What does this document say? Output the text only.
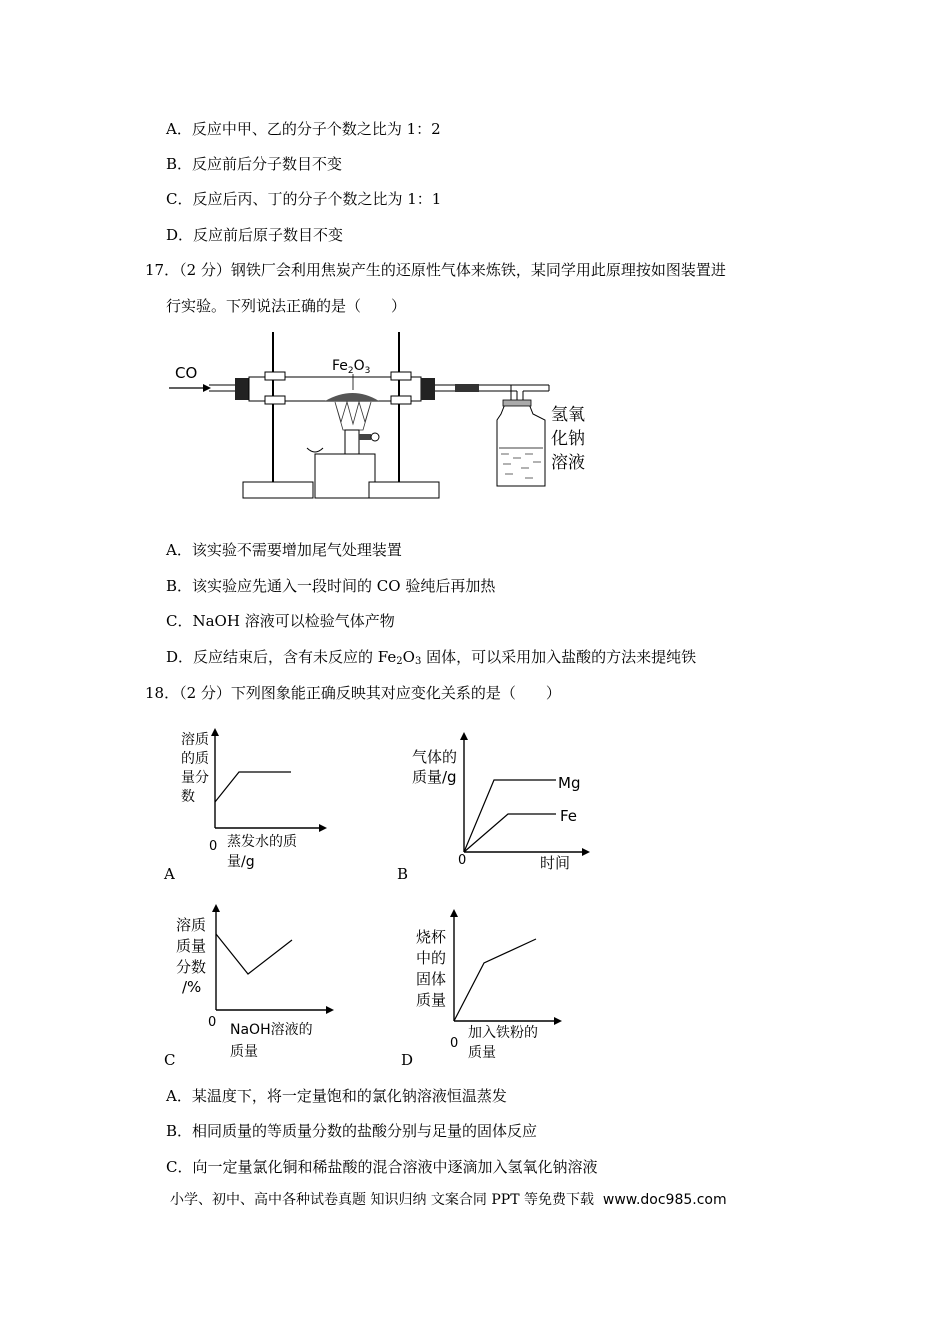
A．反应中甲、乙的分子个数之比为 1：2
B．反应前后分子数目不变
C．反应后丙、丁的分子个数之比为 1：1
D．反应前后原子数目不变
17．（2 分）钢铁厂会利用焦炭产生的还原性气体来炼铁，某同学用此原理按如图装置进
行实验。下列说法正确的是（　　）
CO	$Fe_2O_3$
氢氧
化钠
溶液
A．该实验不需要增加尾气处理装置
B．该实验应先通入一段时间的 CO 验纯后再加热
C．NaOH 溶液可以检验气体产物
D．反应结束后，含有未反应的 $Fe_2O_3$ 固体，可以采用加入盐酸的方法来提纯铁
18．（2 分）下列图象能正确反映其对应变化关系的是（　　）
溶质
的质
量分
数
0 蒸发水的质
量/g
A
气体的
质量/g	Mg
Fe
0	时间
B
溶质
质量
分数
/%
0 NaOH溶液的
质量
C
烧杯
中的
固体
质量
0
加入铁粉的
质量
D
A．某温度下，将一定量饱和的氯化钠溶液恒温蒸发
B．相同质量的等质量分数的盐酸分别与足量的固体反应
C．向一定量氯化铜和稀盐酸的混合溶液中逐滴加入氢氧化钠溶液
小学、初中、高中各种试卷真题 知识归纳 文案合同 PPT 等免费下载 www.doc985.com
